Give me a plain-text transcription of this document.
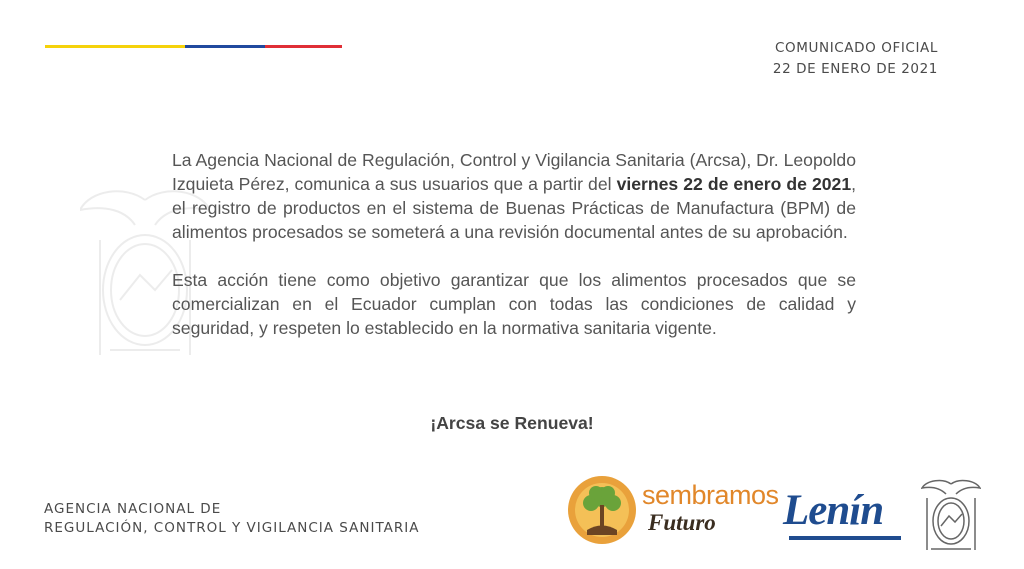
COMUNICADO OFICIAL
22 DE ENERO DE 2021

La Agencia Nacional de Regulación, Control y Vigilancia Sanitaria (Arcsa), Dr. Leopoldo Izquieta Pérez, comunica a sus usuarios que a partir del viernes 22 de enero de 2021, el registro de productos en el sistema de Buenas Prácticas de Manufactura (BPM) de alimentos procesados se someterá a una revisión documental antes de su aprobación.

Esta acción tiene como objetivo garantizar que los alimentos procesados que se comercializan en el Ecuador cumplan con todas las condiciones de calidad y seguridad, y respeten lo establecido en la normativa sanitaria vigente.

¡Arcsa se Renueva!
AGENCIA NACIONAL DE
REGULACIÓN, CONTROL Y VIGILANCIA SANITARIA
sembramos
Futuro Lenín
